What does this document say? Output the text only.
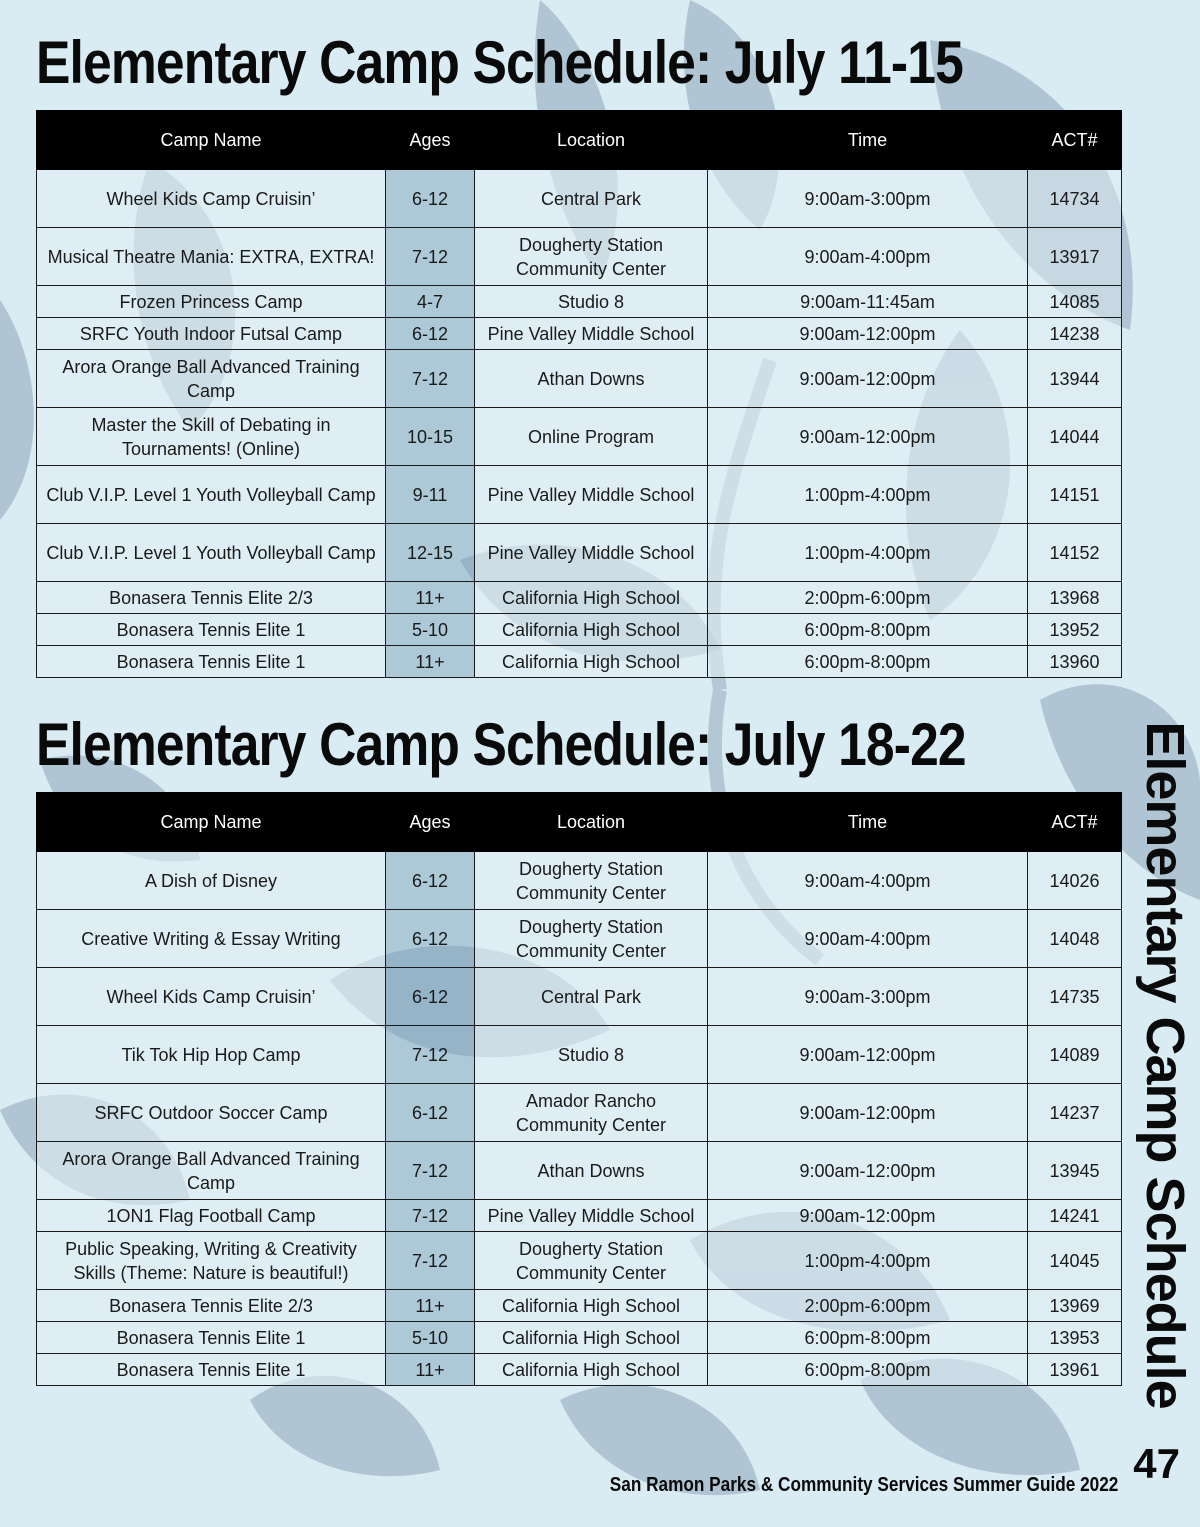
Elementary Camp Schedule: July 11-15
Camp Name	Ages	Location	Time	ACT#
Wheel Kids Camp Cruisin’	6-12	Central Park	9:00am-3:00pm	14734
Musical Theatre Mania: EXTRA, EXTRA!	7-12	Dougherty Station Community Center	9:00am-4:00pm	13917
Frozen Princess Camp	4-7	Studio 8	9:00am-11:45am	14085
SRFC Youth Indoor Futsal Camp	6-12	Pine Valley Middle School	9:00am-12:00pm	14238
Arora Orange Ball Advanced Training Camp	7-12	Athan Downs	9:00am-12:00pm	13944
Master the Skill of Debating in Tournaments! (Online)	10-15	Online Program	9:00am-12:00pm	14044
Club V.I.P. Level 1 Youth Volleyball Camp	9-11	Pine Valley Middle School	1:00pm-4:00pm	14151
Club V.I.P. Level 1 Youth Volleyball Camp	12-15	Pine Valley Middle School	1:00pm-4:00pm	14152
Bonasera Tennis Elite 2/3	11+	California High School	2:00pm-6:00pm	13968
Bonasera Tennis Elite 1	5-10	California High School	6:00pm-8:00pm	13952
Bonasera Tennis Elite 1	11+	California High School	6:00pm-8:00pm	13960
Elementary Camp Schedule: July 18-22
Camp Name	Ages	Location	Time	ACT#
A Dish of Disney	6-12	Dougherty Station Community Center	9:00am-4:00pm	14026
Creative Writing & Essay Writing	6-12	Dougherty Station Community Center	9:00am-4:00pm	14048
Wheel Kids Camp Cruisin’	6-12	Central Park	9:00am-3:00pm	14735
Tik Tok Hip Hop Camp	7-12	Studio 8	9:00am-12:00pm	14089
SRFC Outdoor Soccer Camp	6-12	Amador Rancho Community Center	9:00am-12:00pm	14237
Arora Orange Ball Advanced Training Camp	7-12	Athan Downs	9:00am-12:00pm	13945
1ON1 Flag Football Camp	7-12	Pine Valley Middle School	9:00am-12:00pm	14241
Public Speaking, Writing & Creativity Skills (Theme: Nature is beautiful!)	7-12	Dougherty Station Community Center	1:00pm-4:00pm	14045
Bonasera Tennis Elite 2/3	11+	California High School	2:00pm-6:00pm	13969
Bonasera Tennis Elite 1	5-10	California High School	6:00pm-8:00pm	13953
Bonasera Tennis Elite 1	11+	California High School	6:00pm-8:00pm	13961 Elementary Camp Schedule
47
San Ramon Parks & Community Services Summer Guide 2022
